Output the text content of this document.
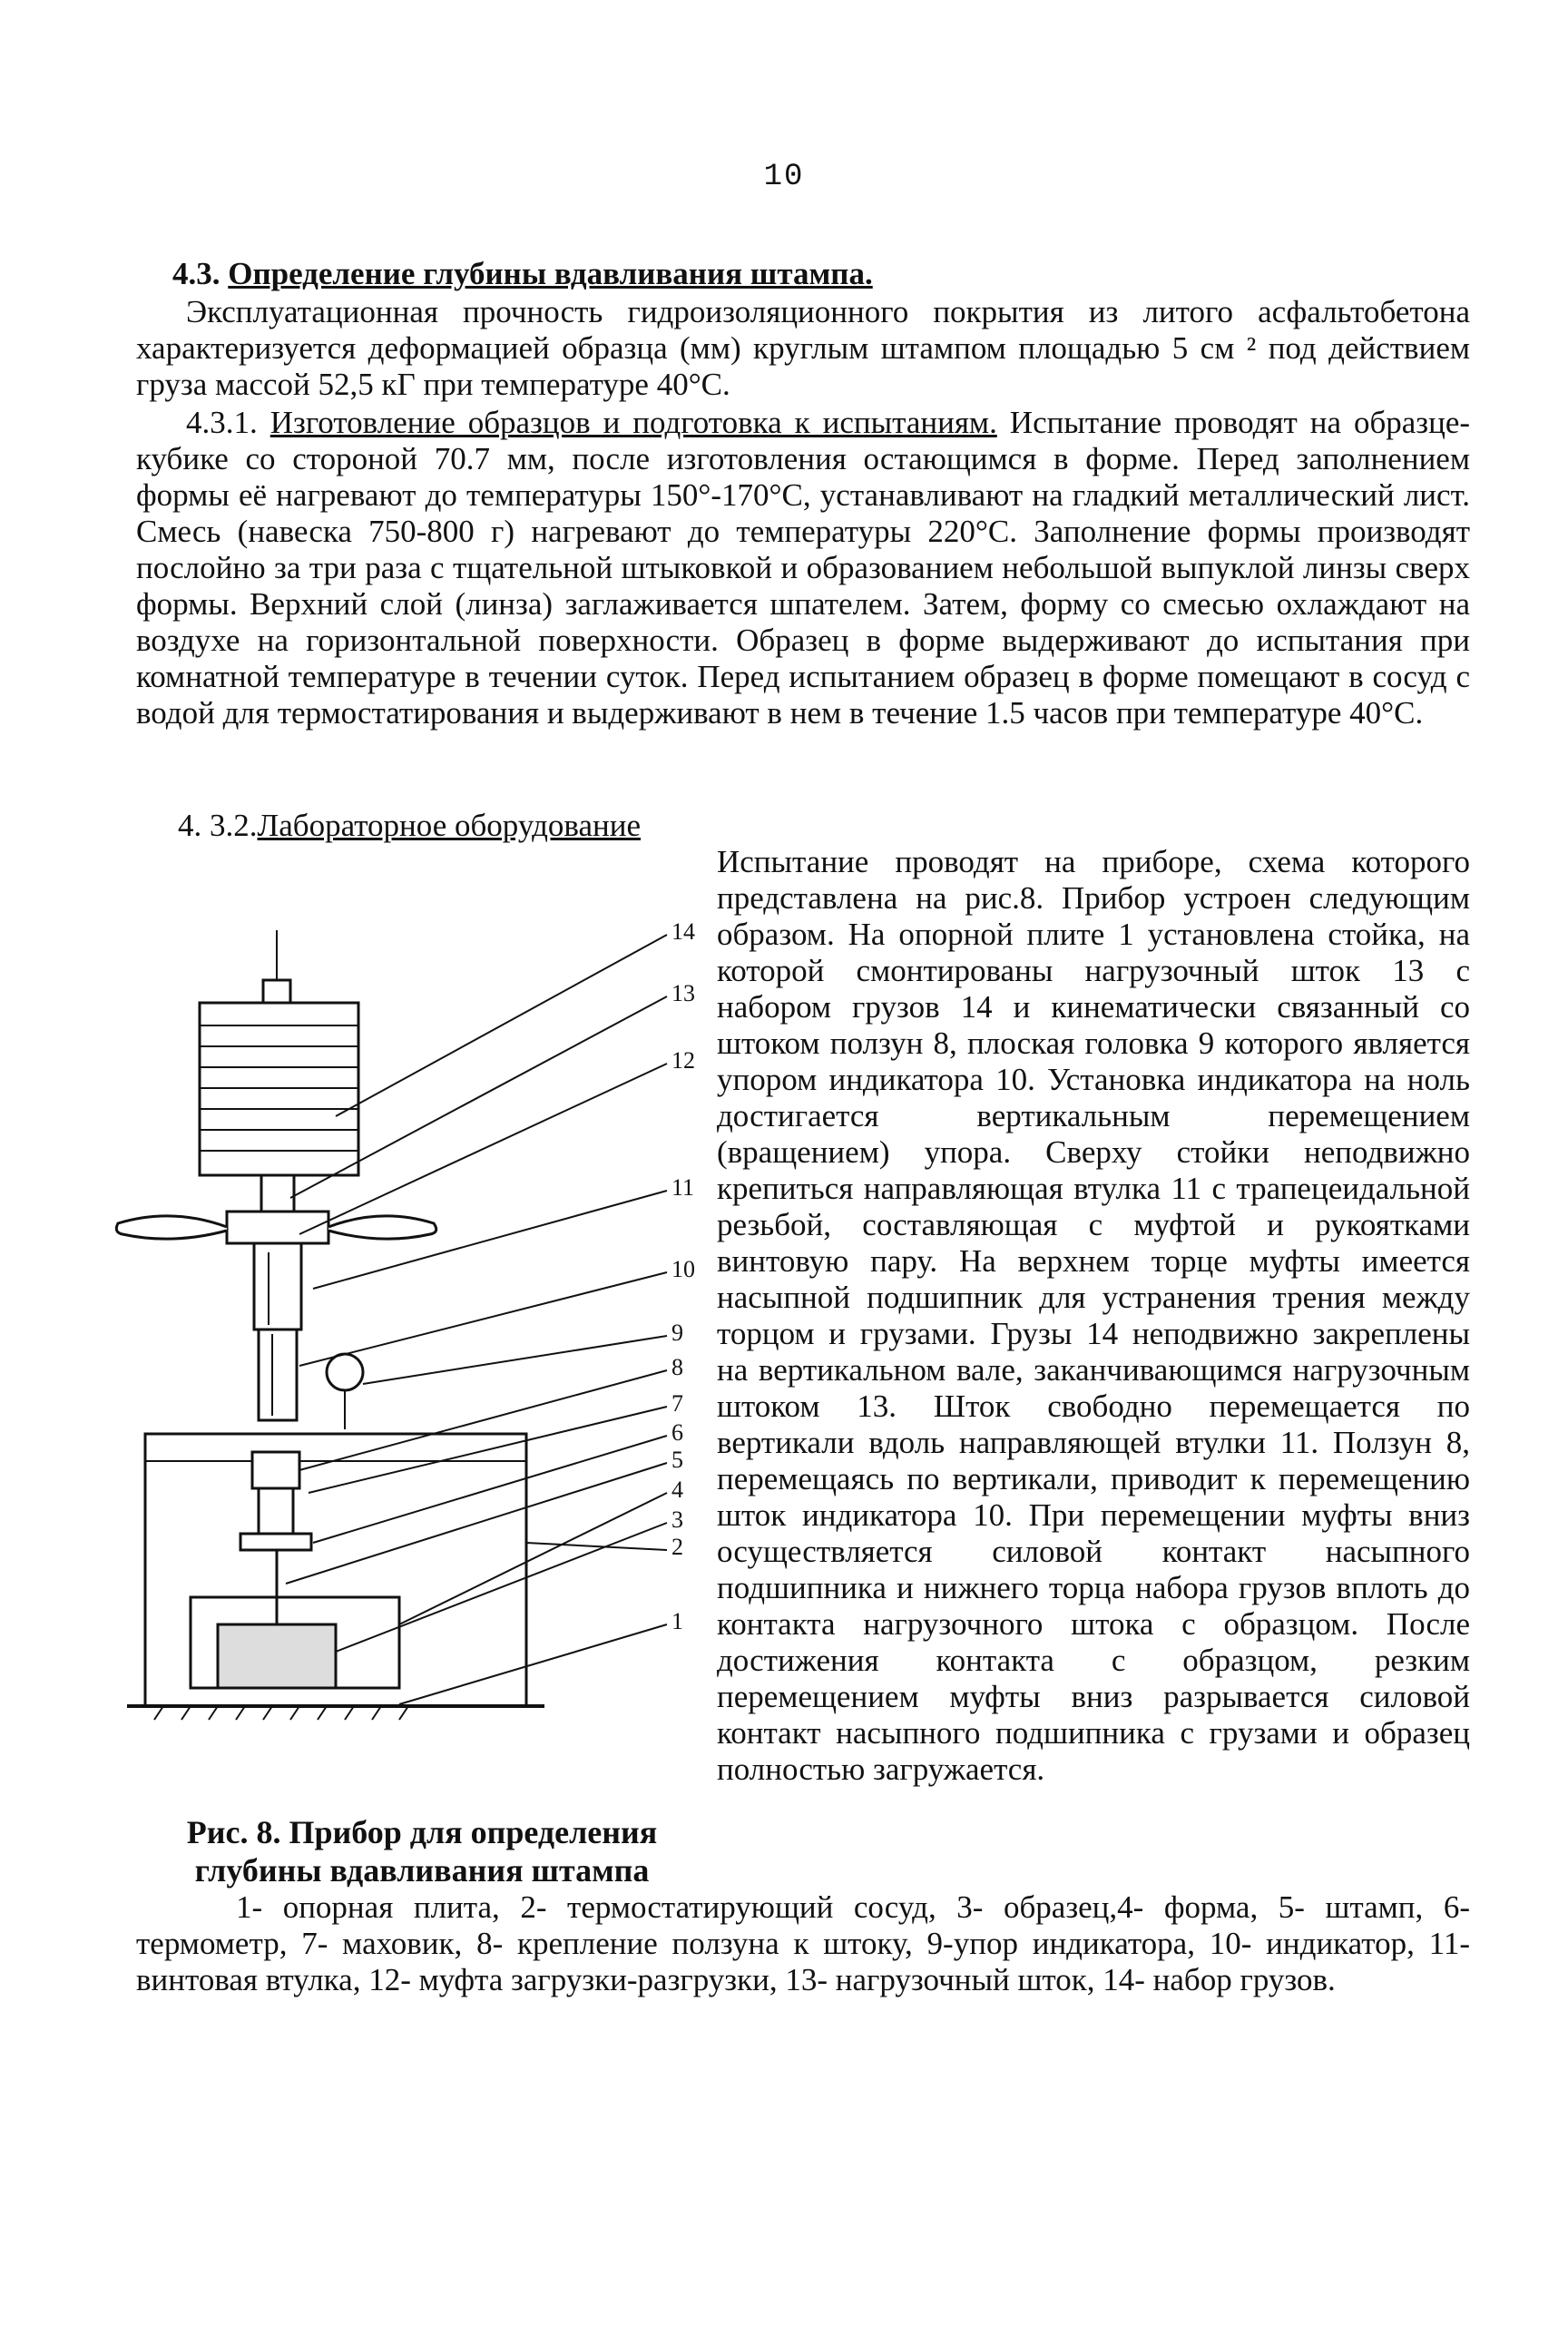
10
4.3. Определение глубины вдавливания штампа.
Эксплуатационная прочность гидроизоляционного покрытия из литого асфальтобетона характеризуется деформацией образца (мм) круглым штампом площадью 5 см ² под действием груза массой 52,5 кГ при температуре 40°С.
4.3.1. Изготовление образцов и подготовка к испытаниям. Испытание проводят на образце-кубике со стороной 70.7 мм, после изготовления остающимся в форме. Перед заполнением формы её нагревают до температуры 150°-170°С, устанавливают на гладкий металлический лист. Смесь (навеска 750-800 г) нагревают до температуры 220°С. Заполнение формы производят послойно за три раза с тщательной штыковкой и образованием небольшой выпуклой линзы сверх формы. Верхний слой (линза) заглаживается шпателем. Затем, форму со смесью охлаждают на воздухе на горизонтальной поверхности. Образец в форме выдерживают до испытания при комнатной температуре в течении суток. Перед испытанием образец в форме помещают в сосуд с водой для термостатирования и выдерживают в нем в течение 1.5 часов при температуре 40°С.
4. 3.2.Лабораторное оборудование
Испытание проводят на приборе, схема которого представлена на рис.8. Прибор устроен следующим образом. На опорной плите 1 установлена стойка, на которой смонтированы нагрузочный шток 13 с набором грузов 14 и кинематически связанный со штоком ползун 8, плоская головка 9 которого является упором индикатора 10. Установка индикатора на ноль достигается вертикальным перемещением (вращением) упора. Сверху стойки неподвижно крепиться направляющая втулка 11 с трапецеидальной резьбой, составляющая с муфтой и рукоятками винтовую пару. На верхнем торце муфты имеется насыпной подшипник для устранения трения между торцом и грузами. Грузы 14 неподвижно закреплены на вертикальном вале, заканчивающимся нагрузочным штоком 13. Шток свободно перемещается по вертикали вдоль направляющей втулки 11. Ползун 8, перемещаясь по вертикали, приводит к перемещению шток индикатора 10. При перемещении муфты вниз осуществляется силовой контакт насыпного подшипника и нижнего торца набора грузов вплоть до контакта нагрузочного штока с образцом. После достижения контакта с образцом, резким перемещением муфты вниз разрывается силовой контакт насыпного подшипника с грузами и образец полностью загружается.
14
13
12
11
10
9
8
7
6
5
4
3
2
1
Рис. 8. Прибор для определения
глубины вдавливания штампа
1- опорная плита, 2- термостатирующий сосуд, 3- образец,4- форма, 5- штамп, 6- термометр, 7- маховик, 8- крепление ползуна к штоку, 9-упор индикатора, 10- индикатор, 11- винтовая втулка, 12- муфта загрузки-разгрузки, 13- нагрузочный шток, 14- набор грузов.
